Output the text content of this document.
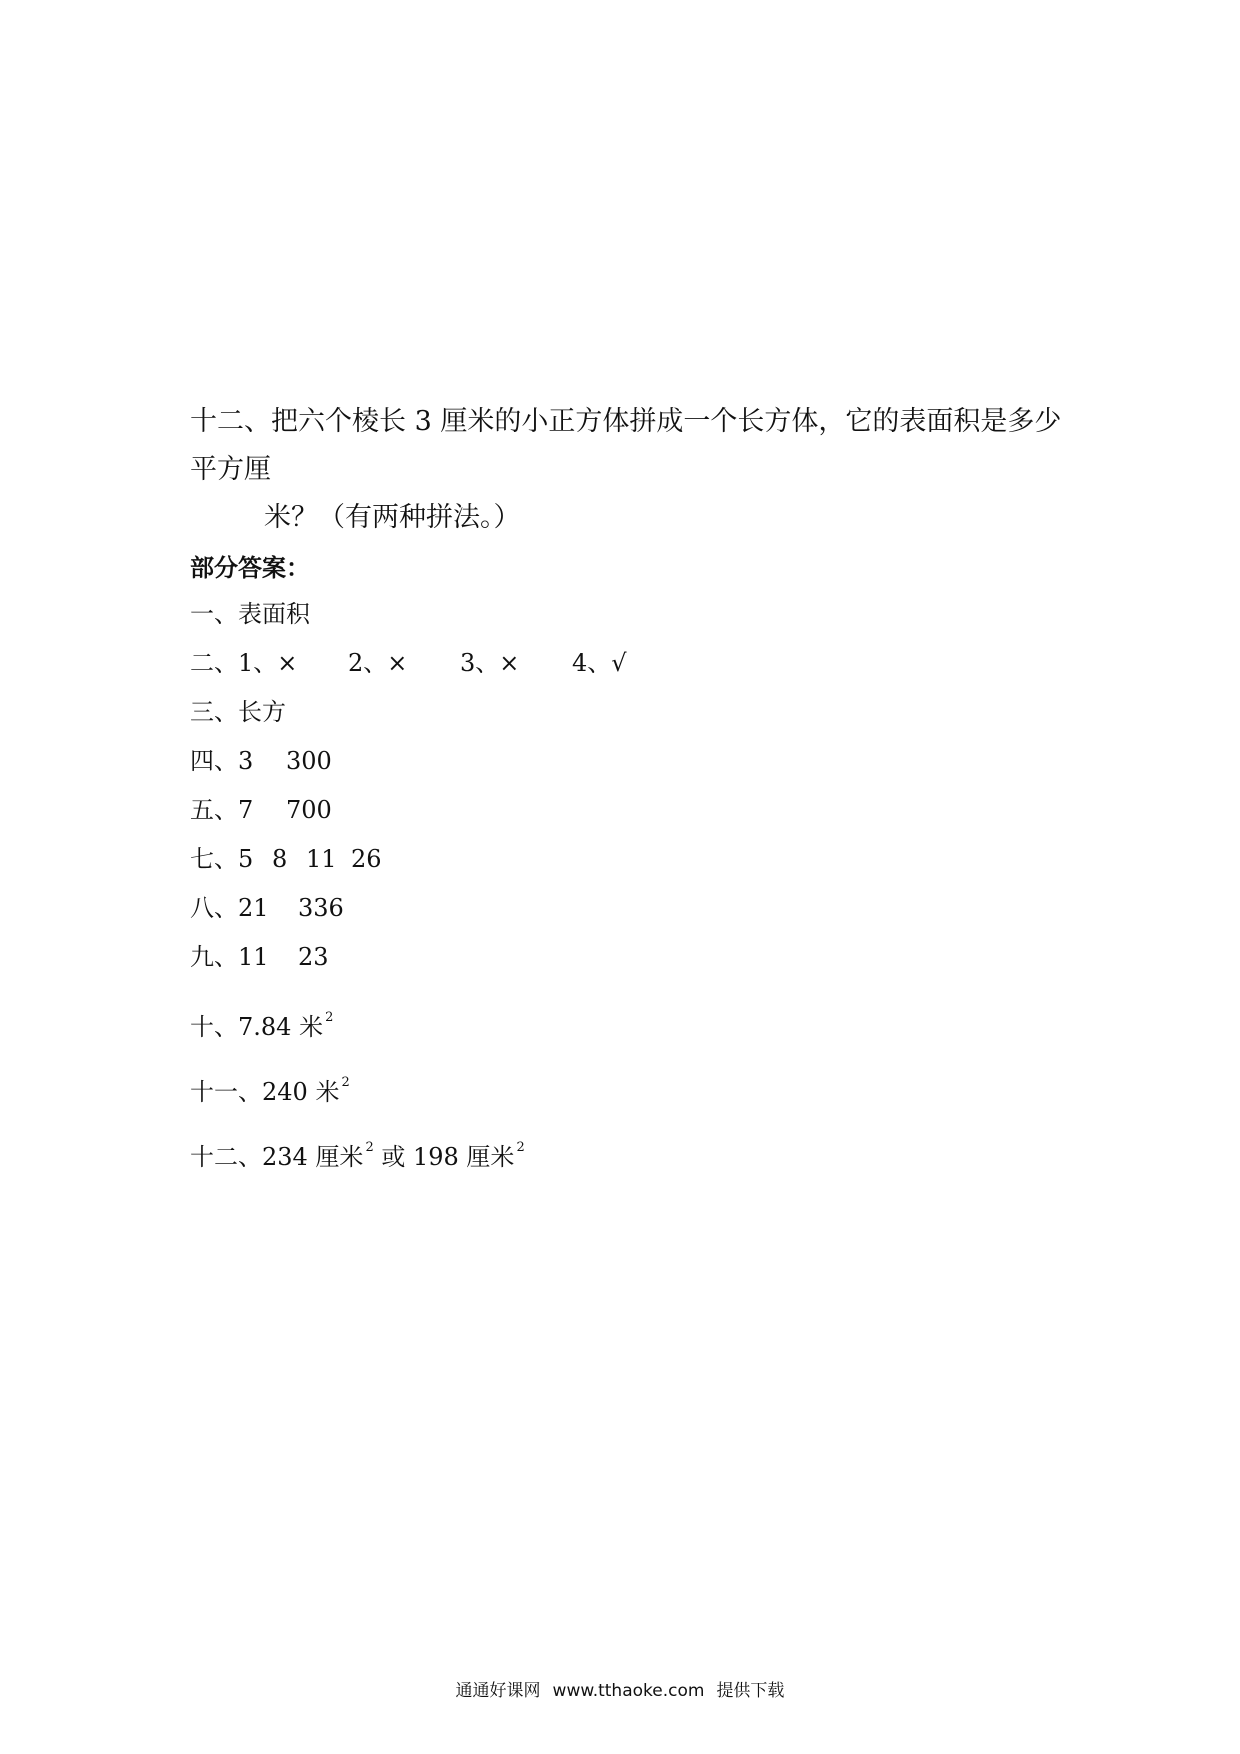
十二、把六个棱长 3 厘米的小正方体拼成一个长方体，它的表面积是多少平方厘
米？（有两种拼法。）
部分答案：
一、表面积
二、1、× 2、× 3、× 4、√
三、长方
四、3 300
五、7 700
七、5 8 11 26
八、21 336
九、11 23
十、7.84 米 $^2$
十一、240 米 $^2$
十二、234 厘米 $^2$ 或 198 厘米 $^2$
通通好课网 www.tthaoke.com 提供下载
